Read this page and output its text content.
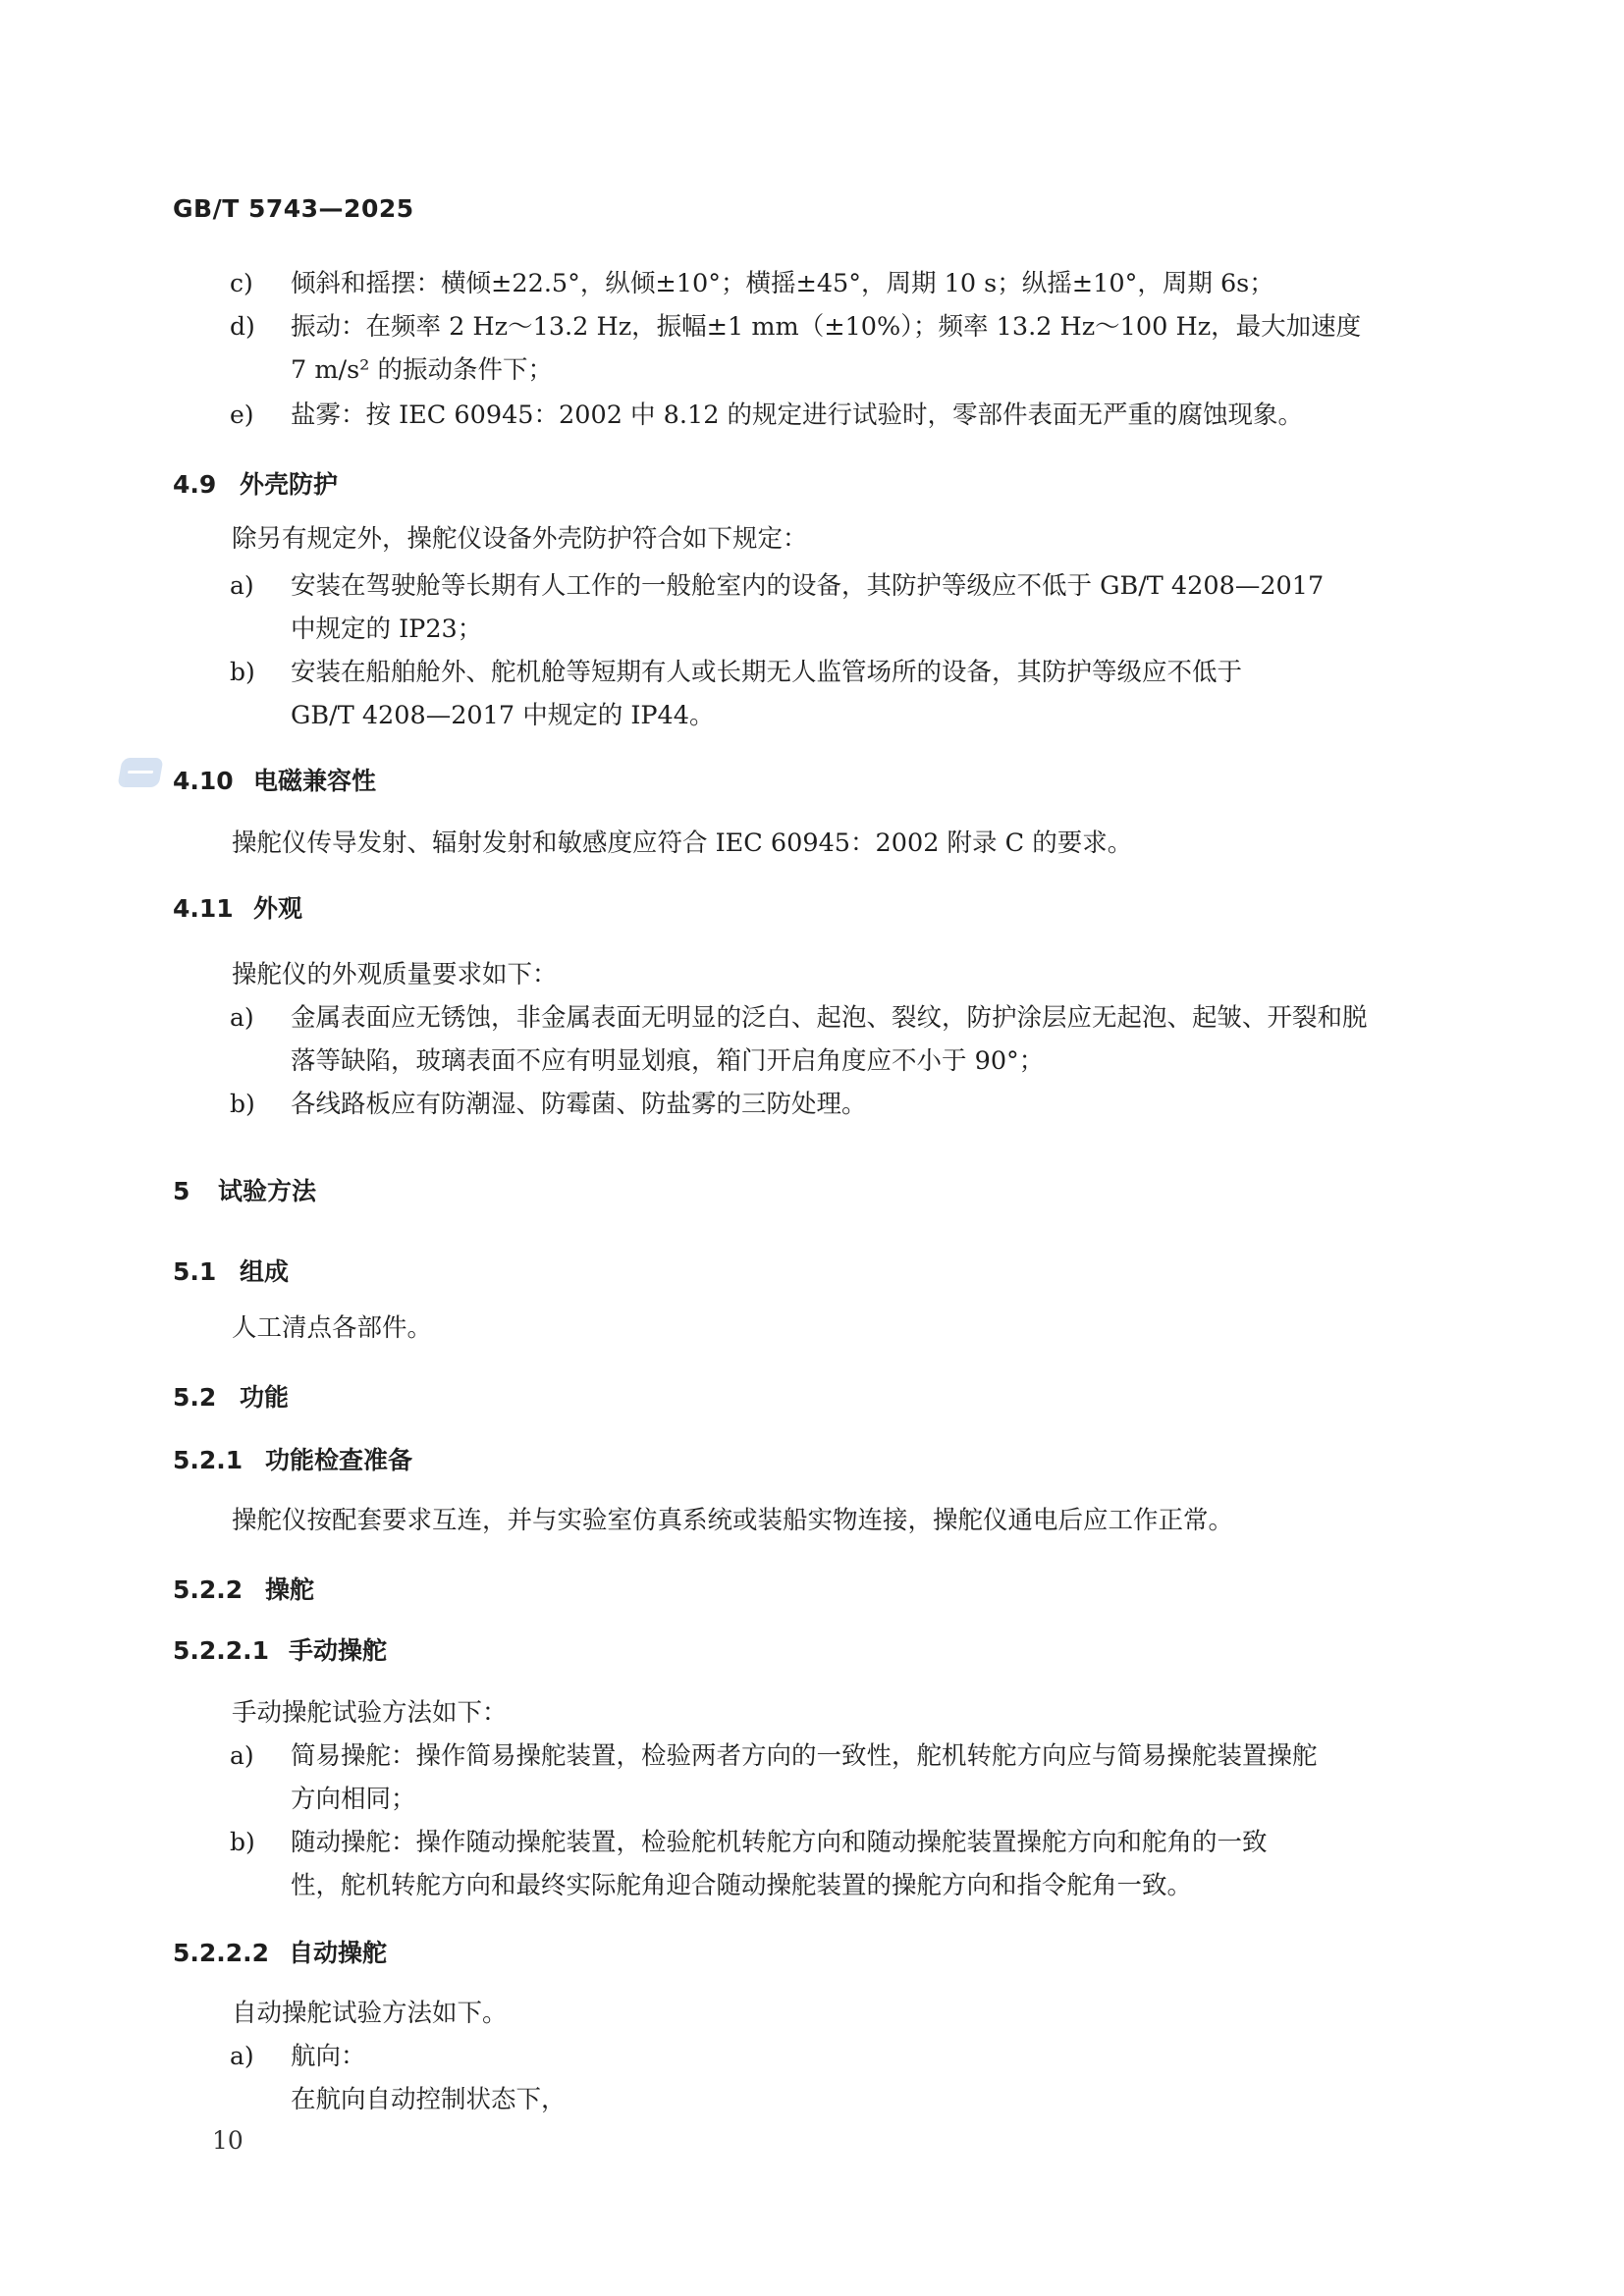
GB/T 5743—2025
c) 倾斜和摇摆：横倾±22.5°，纵倾±10°；横摇±45°，周期 10 s；纵摇±10°，周期 6s；
d) 振动：在频率 2 Hz～13.2 Hz，振幅±1 mm（±10%）；频率 13.2 Hz～100 Hz，最大加速度
7 m/s² 的振动条件下；
e) 盐雾：按 IEC 60945：2002 中 8.12 的规定进行试验时，零部件表面无严重的腐蚀现象。
4.9 外壳防护
除另有规定外，操舵仪设备外壳防护符合如下规定：
a) 安装在驾驶舱等长期有人工作的一般舱室内的设备，其防护等级应不低于 GB/T 4208—2017
中规定的 IP23；
b) 安装在船舶舱外、舵机舱等短期有人或长期无人监管场所的设备，其防护等级应不低于
GB/T 4208—2017 中规定的 IP44。
4.10 电磁兼容性
操舵仪传导发射、辐射发射和敏感度应符合 IEC 60945：2002 附录 C 的要求。
4.11 外观
操舵仪的外观质量要求如下：
a) 金属表面应无锈蚀，非金属表面无明显的泛白、起泡、裂纹，防护涂层应无起泡、起皱、开裂和脱
落等缺陷，玻璃表面不应有明显划痕，箱门开启角度应不小于 90°；
b) 各线路板应有防潮湿、防霉菌、防盐雾的三防处理。
5 试验方法
5.1 组成
人工清点各部件。
5.2 功能
5.2.1 功能检查准备
操舵仪按配套要求互连，并与实验室仿真系统或装船实物连接，操舵仪通电后应工作正常。
5.2.2 操舵
5.2.2.1 手动操舵
手动操舵试验方法如下：
a) 简易操舵：操作简易操舵装置，检验两者方向的一致性，舵机转舵方向应与简易操舵装置操舵
方向相同；
b) 随动操舵：操作随动操舵装置，检验舵机转舵方向和随动操舵装置操舵方向和舵角的一致
性，舵机转舵方向和最终实际舵角迎合随动操舵装置的操舵方向和指令舵角一致。
5.2.2.2 自动操舵
自动操舵试验方法如下。
a) 航向：
在航向自动控制状态下，
10
